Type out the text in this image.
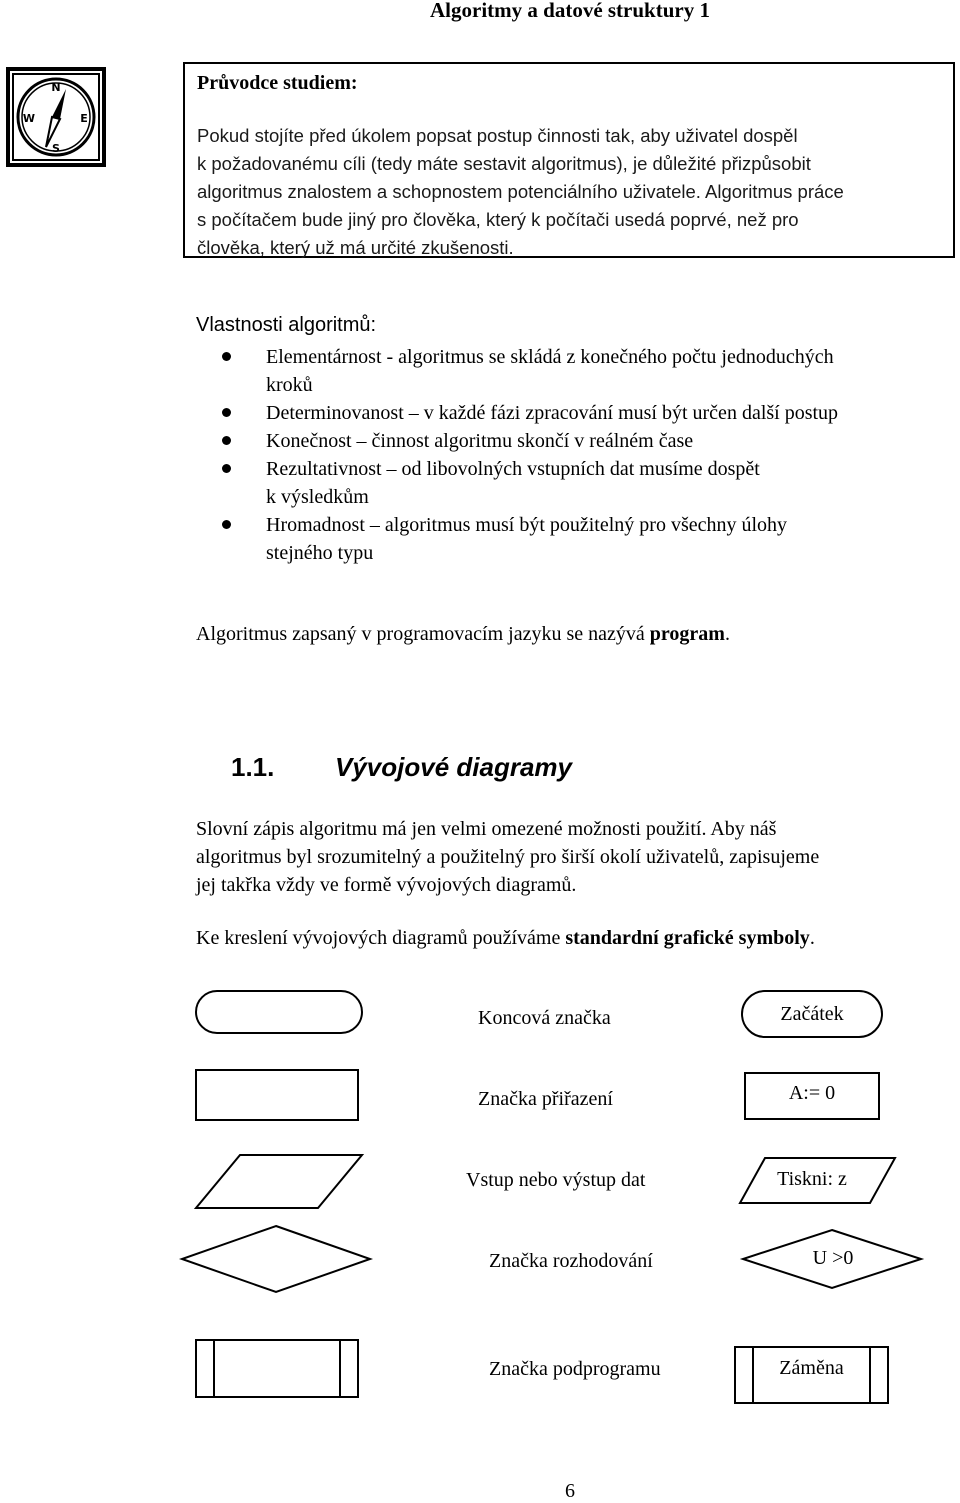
Algoritmy a datové struktury 1
N
W	E
S
Průvodce studiem:
Pokud stojíte před úkolem popsat postup činnosti tak, aby uživatel dospěl
k požadovanému cíli (tedy máte sestavit algoritmus), je důležité přizpůsobit
algoritmus znalostem a schopnostem potenciálního uživatele. Algoritmus práce
s počítačem bude jiný pro člověka, který k počítači usedá poprvé, než pro
člověka, který už má určité zkušenosti.
Vlastnosti algoritmů:
Elementárnost - algoritmus se skládá z konečného počtu jednoduchých
kroků
Determinovanost – v každé fázi zpracování musí být určen další postup
Konečnost – činnost algoritmu skončí v reálném čase
Rezultativnost – od libovolných vstupních dat musíme dospět
k výsledkům
Hromadnost – algoritmus musí být použitelný pro všechny úlohy
stejného typu
Algoritmus zapsaný v programovacím jazyku se nazývá program.
1.1. Vývojové diagramy
Slovní zápis algoritmu má jen velmi omezené možnosti použití. Aby náš
algoritmus byl srozumitelný a použitelný pro širší okolí uživatelů, zapisujeme
jej takřka vždy ve formě vývojových diagramů.
Ke kreslení vývojových diagramů používáme standardní grafické symboly.
Koncová značka
Značka přiřazení
Vstup nebo výstup dat
Značka rozhodování
Značka podprogramu
Začátek
A:= 0
Tiskni: z
U >0
Záměna
6
